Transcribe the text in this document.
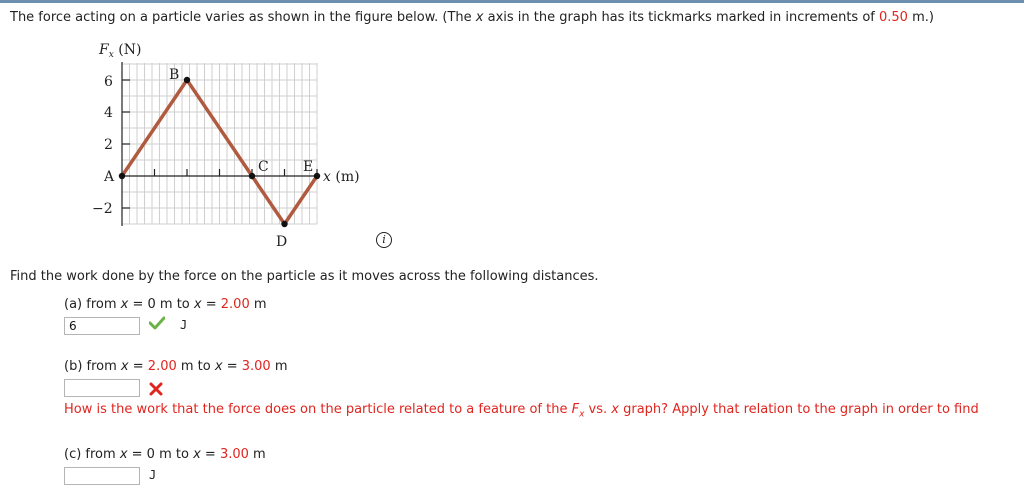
The force acting on a particle varies as shown in the figure below. (The x axis in the graph has its tickmarks marked in increments of 0.50 m.)
$F_x$ (N)
x (m)
6
4
2
−2
A
B
C
D
E
i
Find the work done by the force on the particle as it moves across the following distances.
(a) from x = 0 m to x = 2.00 m
6
J
(b) from x = 2.00 m to x = 3.00 m
How is the work that the force does on the particle related to a feature of the $F_x$ vs. x graph? Apply that relation to the graph in order to find
(c) from x = 0 m to x = 3.00 m
J
